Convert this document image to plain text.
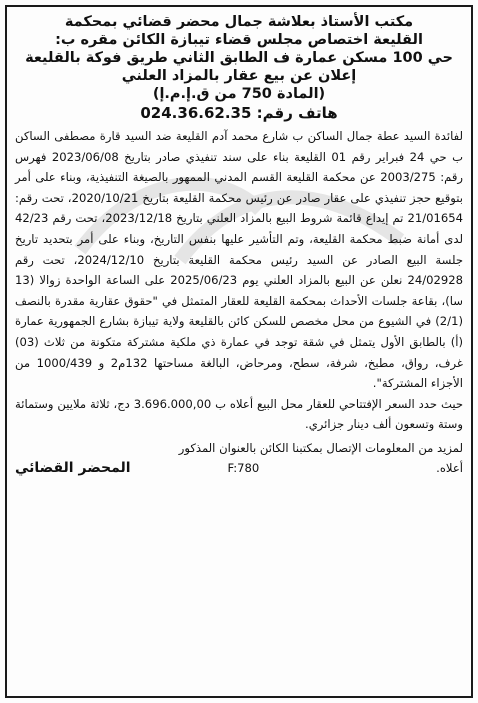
مكتب الأستاذ بعلاشة جمال محضر قضائي بمحكمة
القليعة اختصاص مجلس قضاء تيبازة الكائن مقره ب:
حي 100 مسكن عمارة ف الطابق الثاني طريق فوكة بالقليعة
إعلان عن بيع عقار بالمزاد العلني
(المادة 750 من ق.إ.م.إ)
هاتف رقم: 024.36.62.35

لفائدة السيد عطة جمال الساكن ب شارع محمد آدم القليعة ضد السيد قارة مصطفى الساكن ب حي 24 فبراير رقم 01 القليعة بناء على سند تنفيذي صادر بتاريخ 2023/06/08 فهرس رقم: 2003/275 عن محكمة القليعة القسم المدني الممهور بالصيغة التنفيذية، وبناء على أمر بتوقيع حجز تنفيذي على عقار صادر عن رئيس محكمة القليعة بتاريخ 2020/10/21، تحت رقم: 21/01654 تم إيداع قائمة شروط البيع بالمزاد العلني بتاريخ 2023/12/18، تحت رقم 42/23 لدى أمانة ضبط محكمة القليعة، وتم التأشير عليها بنفس التاريخ، وبناء على أمر بتحديد تاريخ جلسة البيع الصادر عن السيد رئيس محكمة القليعة بتاريخ 2024/12/10، تحت رقم 24/02928 نعلن عن البيع بالمزاد العلني يوم 2025/06/23 على الساعة الواحدة زوالا (13 سا)، بقاعة جلسات الأحداث بمحكمة القليعة للعقار المتمثل في "حقوق عقارية مقدرة بالنصف (2/1) في الشيوع من محل مخصص للسكن كائن بالقليعة ولاية تيبازة بشارع الجمهورية عمارة (أ) بالطابق الأول يتمثل في شقة توجد في عمارة ذي ملكية مشتركة متكونة من ثلاث (03) غرف، رواق، مطبخ، شرفة، سطح، ومرحاض، البالغة مساحتها 132م2 و 1000/439 من الأجزاء المشتركة".

حيث حدد السعر الإفتتاحي للعقار محل البيع أعلاه ب 3.696.000,00 دج، ثلاثة ملايين وستمائة وستة وتسعون ألف دينار جزائري.

لمزيد من المعلومات الإتصال بمكتبنا الكائن بالعنوان المذكور
أعلاه.
F:780
المحضر القضائي
